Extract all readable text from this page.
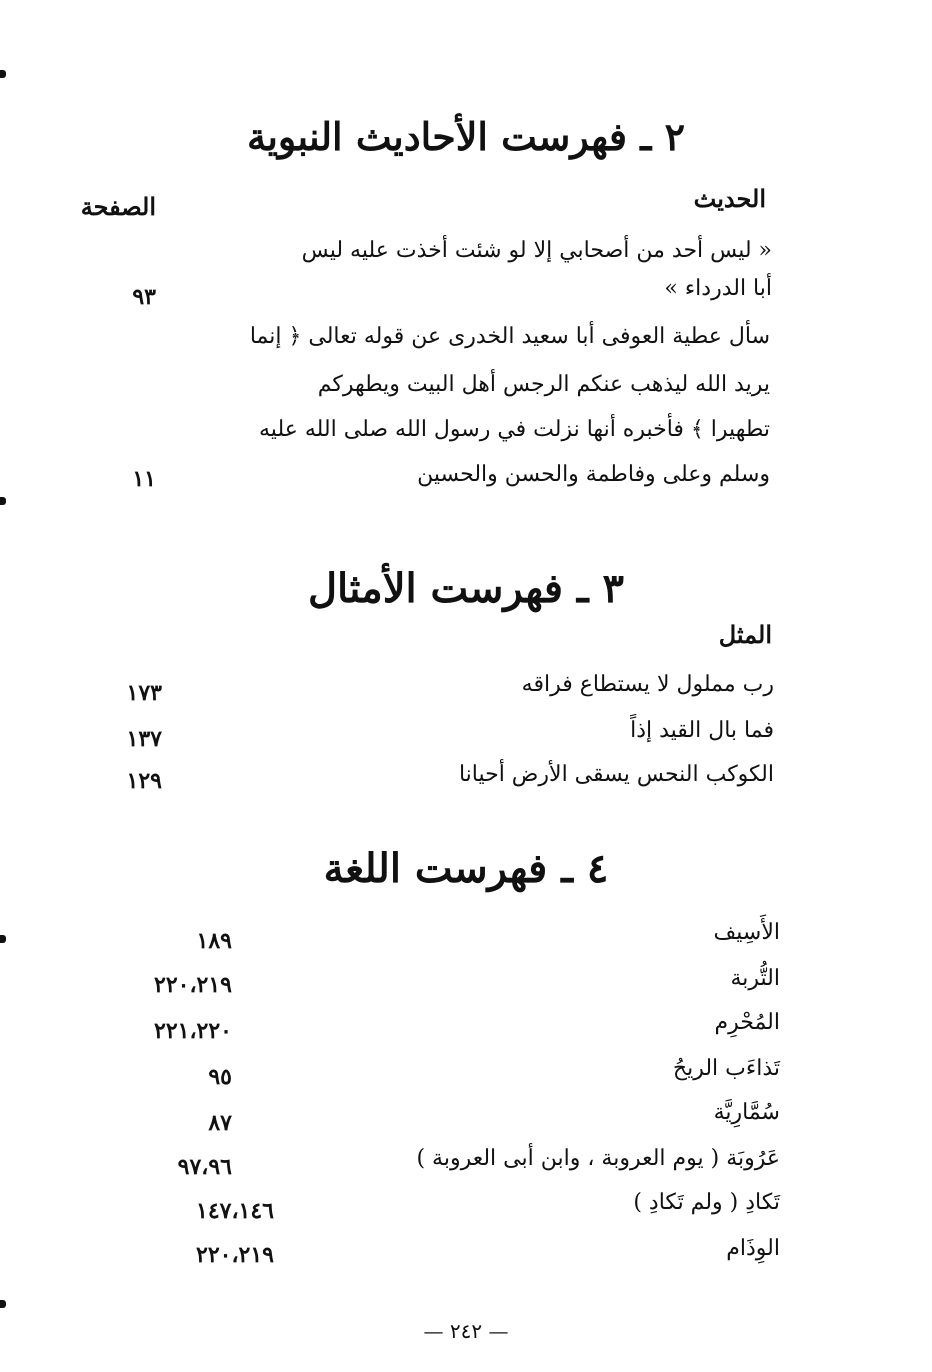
٢ ـ فهرست الأحاديث النبوية
الحديث
الصفحة
« ليس أحد من أصحابي إلا لو شئت أخذت عليه ليس
أبا الدرداء »
٩٣
سأل عطية العوفى أبا سعيد الخدرى عن قوله تعالى ﴿ إنما
يريد الله ليذهب عنكم الرجس أهل البيت ويطهركم
تطهيرا ﴾ فأخبره أنها نزلت في رسول الله صلى الله عليه
وسلم وعلى وفاطمة والحسن والحسين
١١
٣ ـ فهرست الأمثال
المثل
رب مملول لا يستطاع فراقه
١٧٣
فما بال القيد إذاً
١٣٧
الكوكب النحس يسقى الأرض أحيانا
١٢٩
٤ ـ فهرست اللغة
الأَسِيف
١٨٩
التُّربة
٢٢٠،٢١٩
المُحْرِم
٢٢١،٢٢٠
تَذاءَب الريحُ
٩٥
سُمَّارِيَّة
٨٧
عَرُوبَة ( يوم العروبة ، وابن أبى العروبة )
٩٧،٩٦
تَكادِ ( ولم تَكادِ )
١٤٧،١٤٦
الوِذَام
٢٢٠،٢١٩
— ٢٤٢ —
